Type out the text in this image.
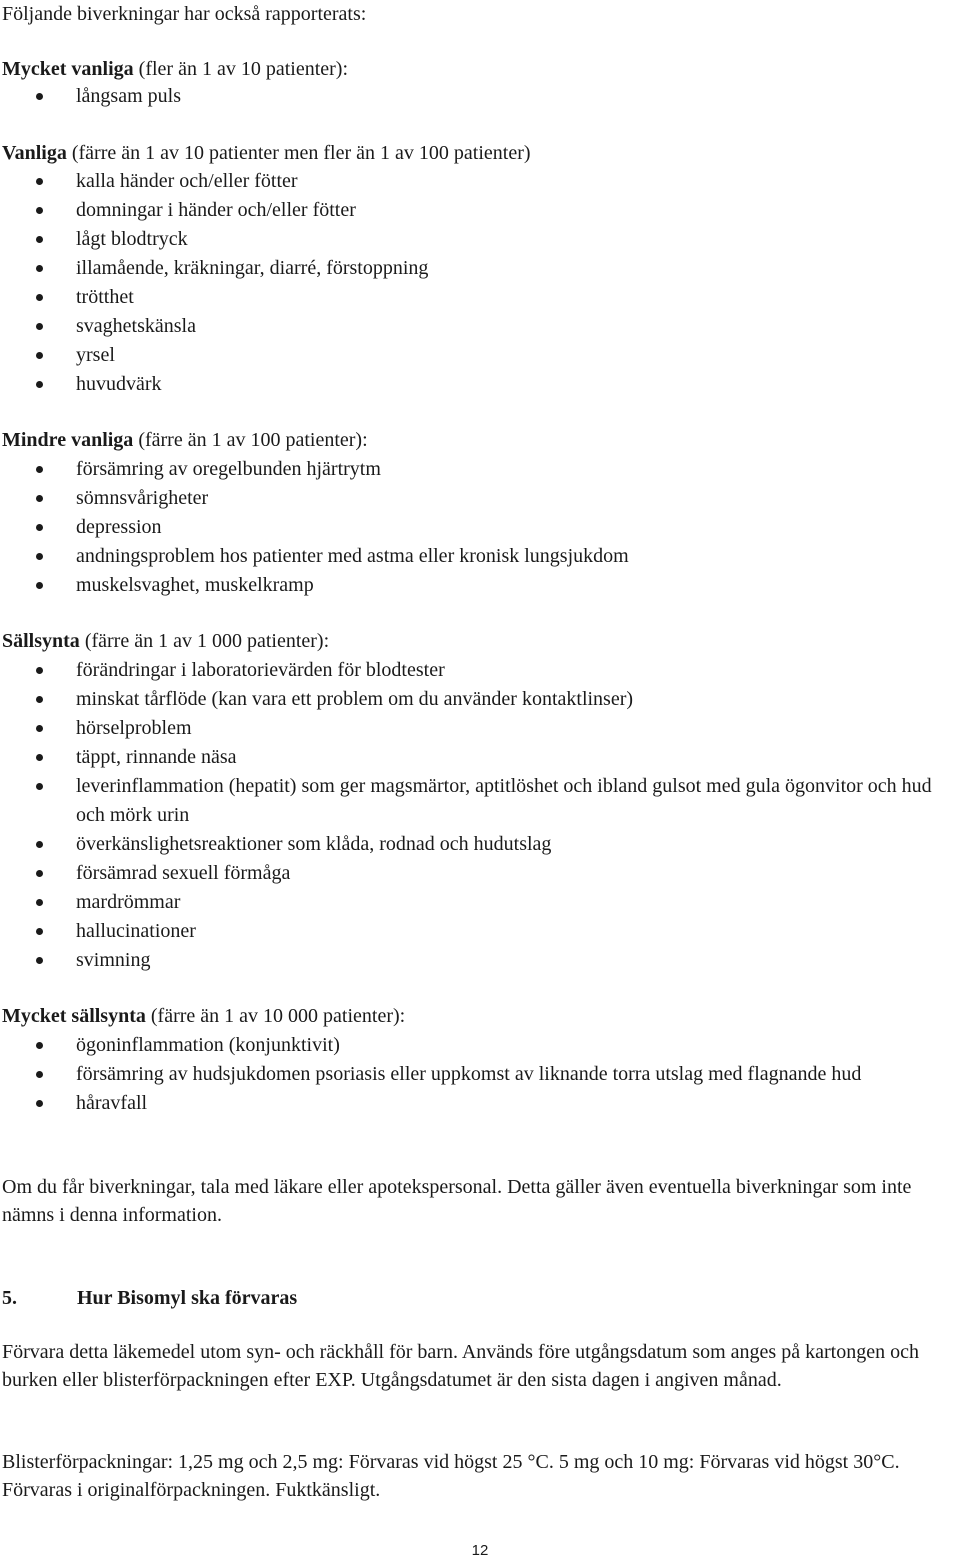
Följande biverkningar har också rapporterats:
Mycket vanliga (fler än 1 av 10 patienter):
långsam puls
Vanliga (färre än 1 av 10 patienter men fler än 1 av 100 patienter)
kalla händer och/eller fötter
domningar i händer och/eller fötter
lågt blodtryck
illamående, kräkningar, diarré, förstoppning
trötthet
svaghetskänsla
yrsel
huvudvärk
Mindre vanliga (färre än 1 av 100 patienter):
försämring av oregelbunden hjärtrytm
sömnsvårigheter
depression
andningsproblem hos patienter med astma eller kronisk lungsjukdom
muskelsvaghet, muskelkramp
Sällsynta (färre än 1 av 1 000 patienter):
förändringar i laboratorievärden för blodtester
minskat tårflöde (kan vara ett problem om du använder kontaktlinser)
hörselproblem
täppt, rinnande näsa
leverinflammation (hepatit) som ger magsmärtor, aptitlöshet och ibland gulsot med gula ögonvitor och hud och mörk urin
överkänslighetsreaktioner som klåda, rodnad och hudutslag
försämrad sexuell förmåga
mardrömmar
hallucinationer
svimning
Mycket sällsynta (färre än 1 av 10 000 patienter):
ögoninflammation (konjunktivit)
försämring av hudsjukdomen psoriasis eller uppkomst av liknande torra utslag med flagnande hud
håravfall

Om du får biverkningar, tala med läkare eller apotekspersonal. Detta gäller även eventuella biverkningar som inte nämns i denna information.

5.	Hur Bisomyl ska förvaras

Förvara detta läkemedel utom syn- och räckhåll för barn. Används före utgångsdatum som anges på kartongen och burken eller blisterförpackningen efter EXP. Utgångsdatumet är den sista dagen i angiven månad.

Blisterförpackningar: 1,25 mg och 2,5 mg: Förvaras vid högst 25 °C. 5 mg och 10 mg: Förvaras vid högst 30°C. Förvaras i originalförpackningen. Fuktkänsligt.

12
